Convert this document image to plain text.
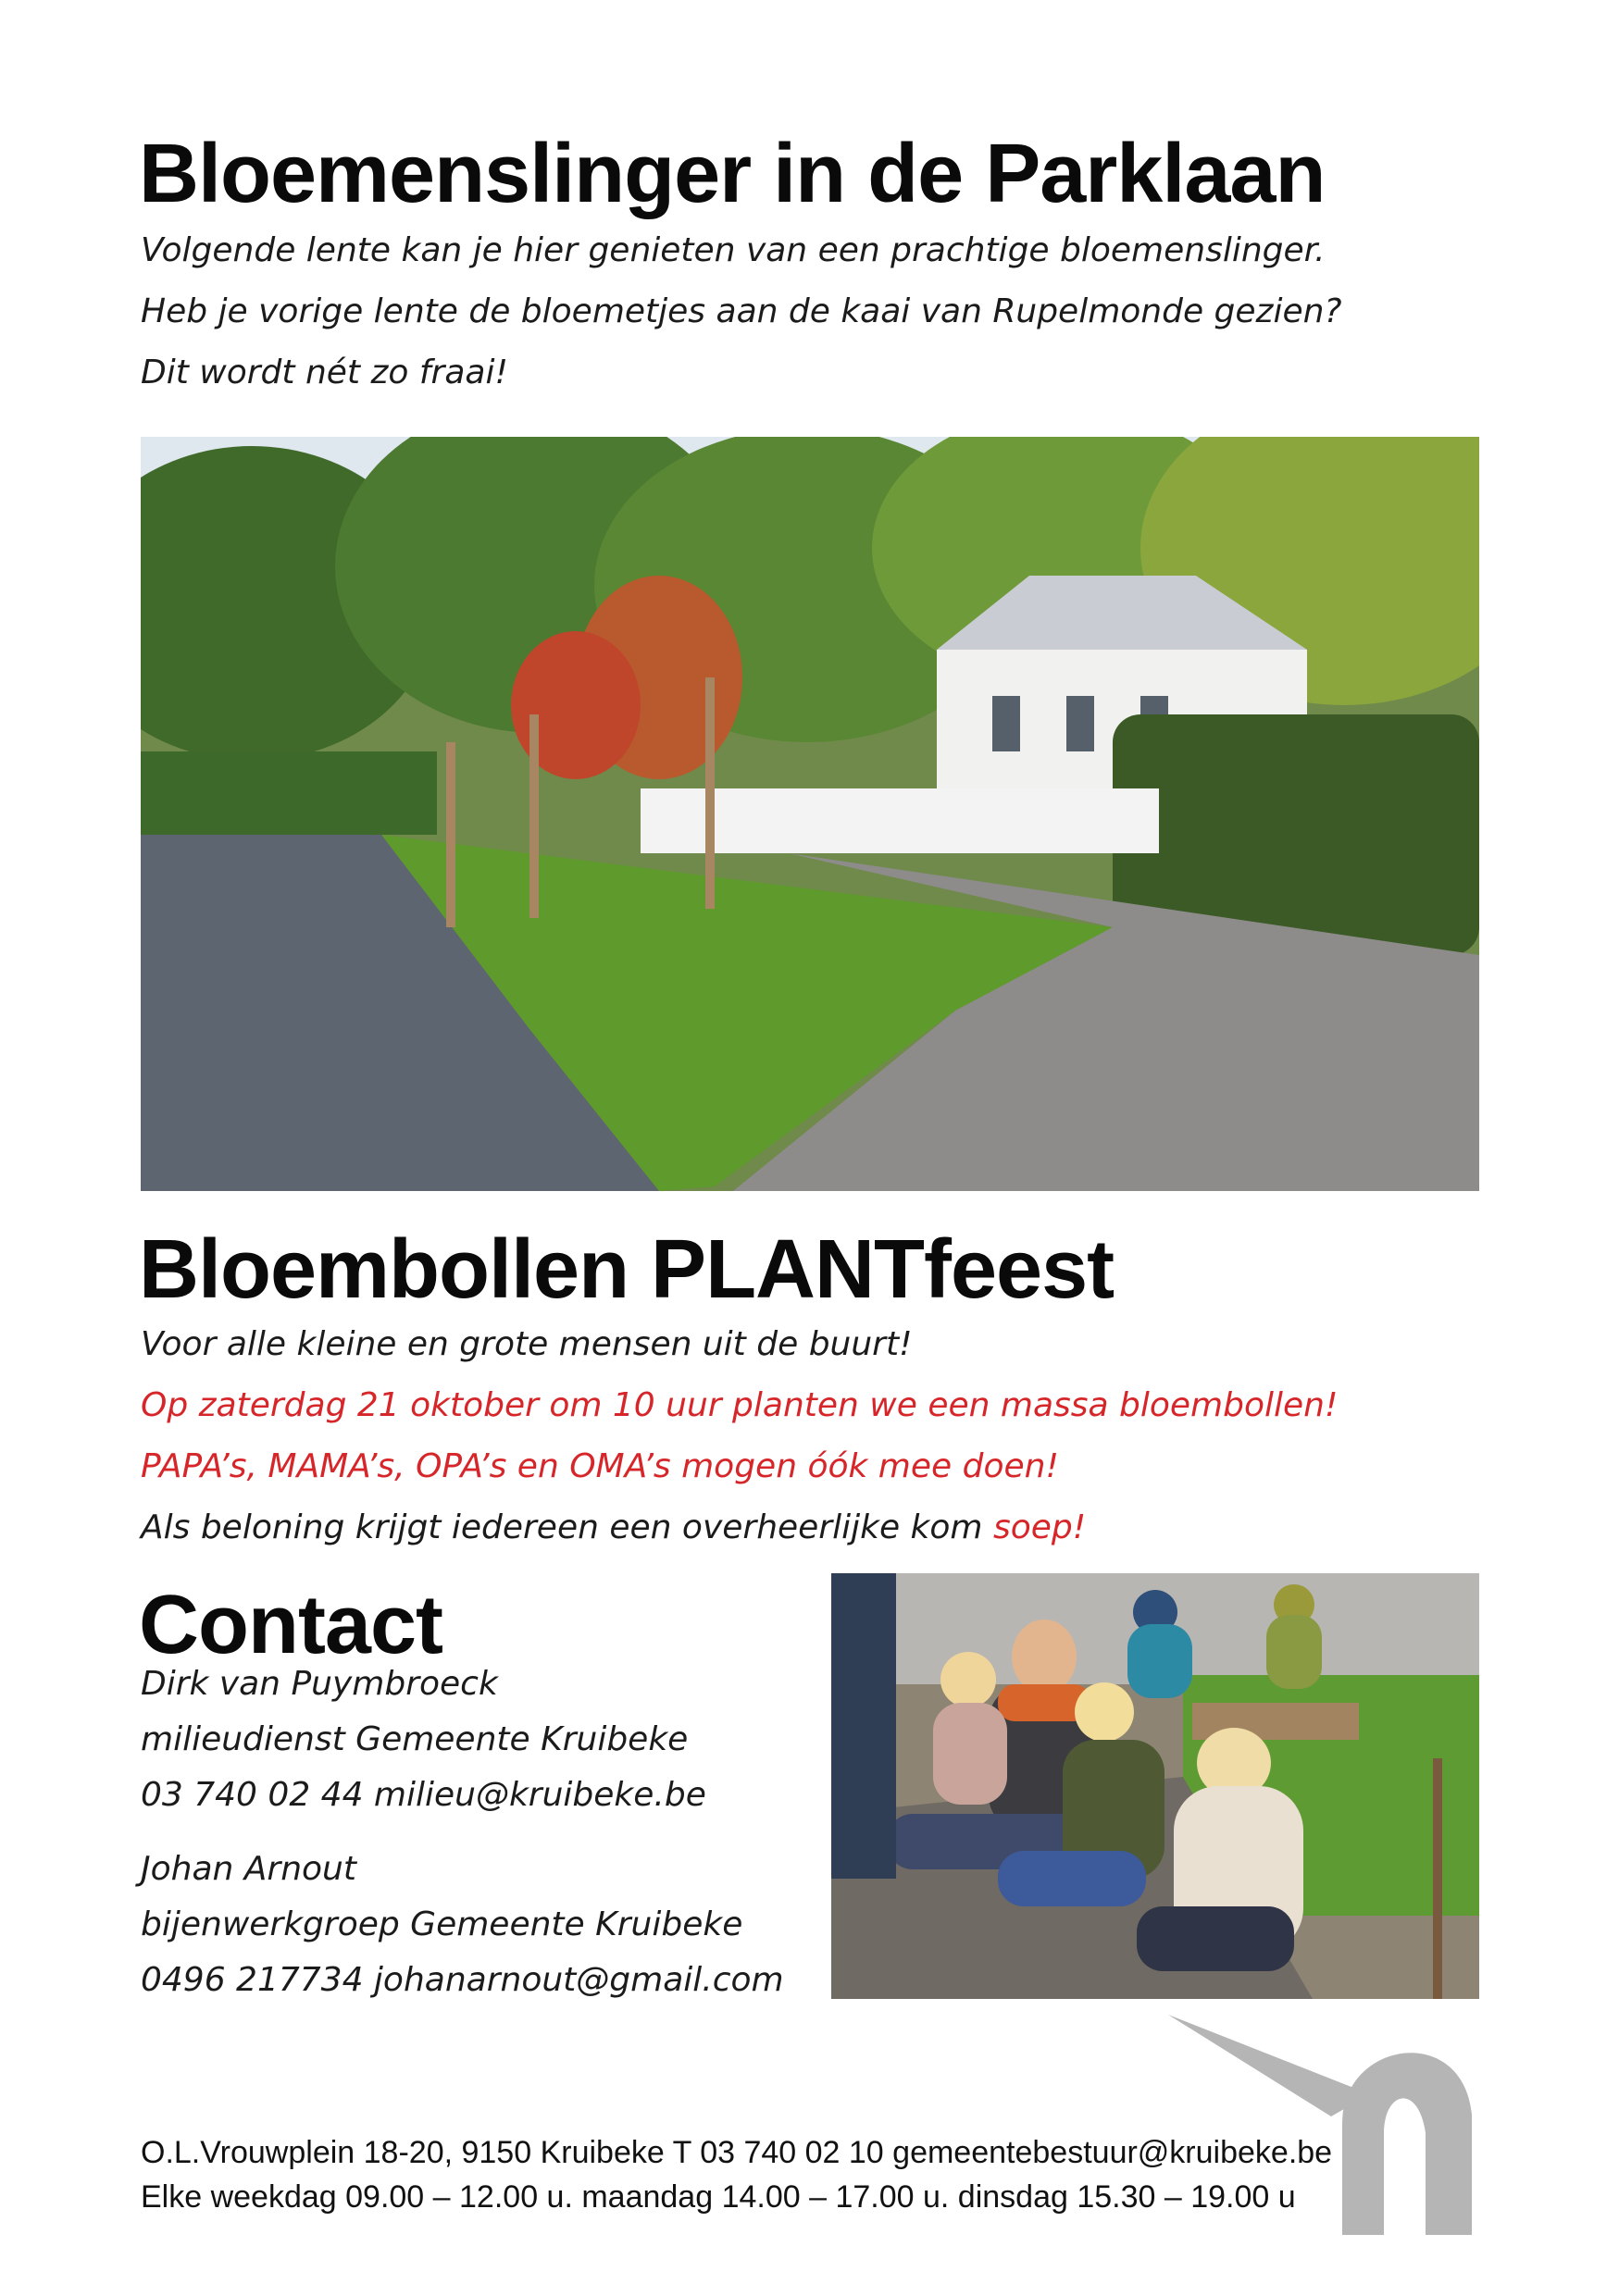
Bloemenslinger in de Parklaan
Volgende lente kan je hier genieten van een prachtige bloemenslinger.
Heb je vorige lente de bloemetjes aan de kaai van Rupelmonde gezien?
Dit wordt nét zo fraai!
Bloembollen PLANTfeest
Voor alle kleine en grote mensen uit de buurt!
Op zaterdag 21 oktober om 10 uur planten we een massa bloembollen!
PAPA’s, MAMA’s, OPA’s en OMA’s mogen óók mee doen!
Als beloning krijgt iedereen een overheerlijke kom soep!
Contact
Dirk van Puymbroeck
milieudienst Gemeente Kruibeke
03 740 02 44 milieu@kruibeke.be
Johan Arnout
bijenwerkgroep Gemeente Kruibeke
0496 217734 johanarnout@gmail.com
O.L.Vrouwplein 18-20, 9150 Kruibeke T 03 740 02 10 gemeentebestuur@kruibeke.be
Elke weekdag 09.00 – 12.00 u. maandag 14.00 – 17.00 u. dinsdag 15.30 – 19.00 u
